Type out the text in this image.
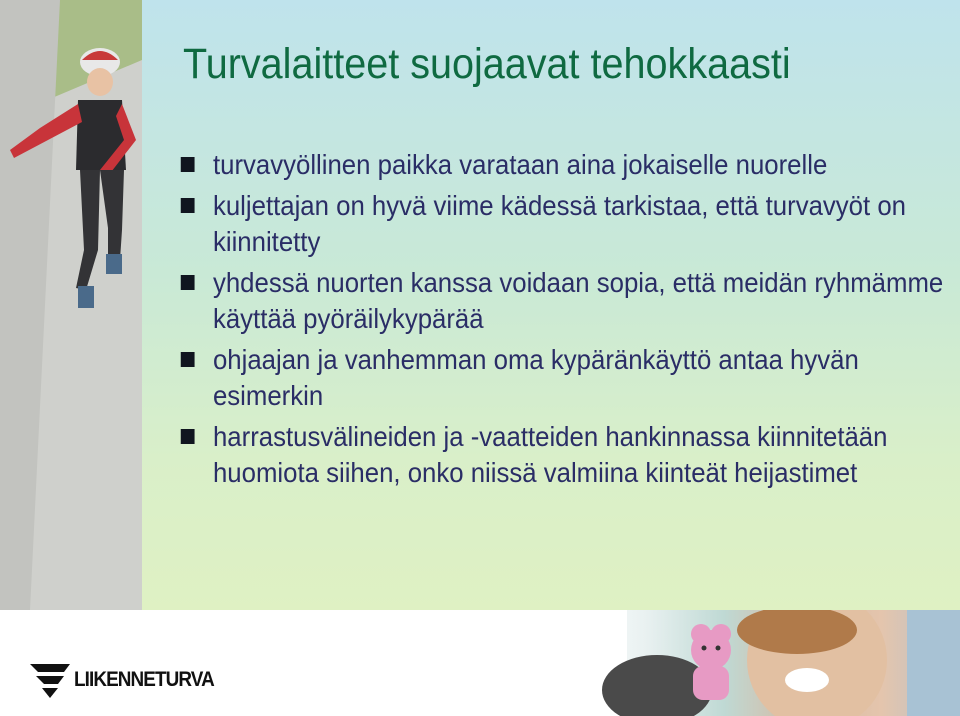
Turvalaitteet suojaavat tehokkaasti
turvavyöllinen paikka varataan aina jokaiselle nuorelle
kuljettajan on hyvä viime kädessä tarkistaa, että turvavyöt on kiinnitetty
yhdessä nuorten kanssa voidaan sopia, että meidän ryhmämme käyttää pyöräilykypärää
ohjaajan ja vanhemman oma kypäränkäyttö antaa hyvän esimerkin
harrastusvälineiden ja -vaatteiden hankinnassa kiinnitetään huomiota siihen, onko niissä valmiina kiinteät heijastimet
LIIKENNETURVA
